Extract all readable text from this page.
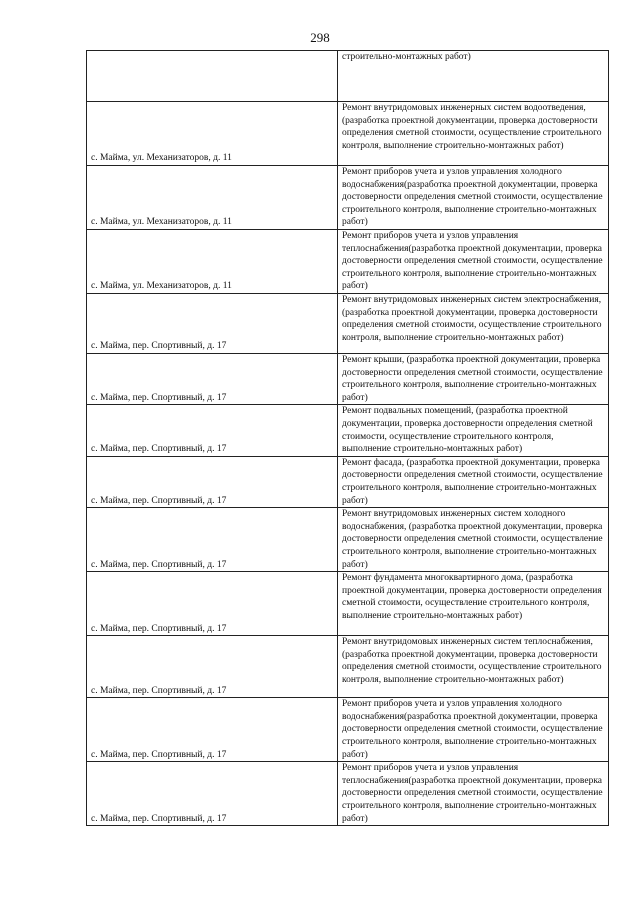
298
	строительно-монтажных работ)
с. Майма, ул. Механизаторов, д. 11	Ремонт внутридомовых инженерных систем водоотведения, (разработка проектной документации, проверка достоверности определения сметной стоимости, осуществление строительного контроля, выполнение строительно-монтажных работ)
с. Майма, ул. Механизаторов, д. 11	Ремонт приборов учета и узлов управления холодного водоснабжения(разработка проектной документации, проверка достоверности определения сметной стоимости, осуществление строительного контроля, выполнение строительно-монтажных работ)
с. Майма, ул. Механизаторов, д. 11	Ремонт приборов учета и узлов управления теплоснабжения(разработка проектной документации, проверка достоверности определения сметной стоимости, осуществление строительного контроля, выполнение строительно-монтажных работ)
с. Майма, пер. Спортивный, д. 17	Ремонт внутридомовых инженерных систем электроснабжения, (разработка проектной документации, проверка достоверности определения сметной стоимости, осуществление строительного контроля, выполнение строительно-монтажных работ)
с. Майма, пер. Спортивный, д. 17	Ремонт крыши, (разработка проектной документации, проверка достоверности определения сметной стоимости, осуществление строительного контроля, выполнение строительно-монтажных работ)
с. Майма, пер. Спортивный, д. 17	Ремонт подвальных помещений, (разработка проектной документации, проверка достоверности определения сметной стоимости, осуществление строительного контроля, выполнение строительно-монтажных работ)
с. Майма, пер. Спортивный, д. 17	Ремонт фасада, (разработка проектной документации, проверка достоверности определения сметной стоимости, осуществление строительного контроля, выполнение строительно-монтажных работ)
с. Майма, пер. Спортивный, д. 17	Ремонт внутридомовых инженерных систем холодного водоснабжения, (разработка проектной документации, проверка достоверности определения сметной стоимости, осуществление строительного контроля, выполнение строительно-монтажных работ)
с. Майма, пер. Спортивный, д. 17	Ремонт фундамента многоквартирного дома, (разработка проектной документации, проверка достоверности определения сметной стоимости, осуществление строительного контроля, выполнение строительно-монтажных работ)
с. Майма, пер. Спортивный, д. 17	Ремонт внутридомовых инженерных систем теплоснабжения, (разработка проектной документации, проверка достоверности определения сметной стоимости, осуществление строительного контроля, выполнение строительно-монтажных работ)
с. Майма, пер. Спортивный, д. 17	Ремонт приборов учета и узлов управления холодного водоснабжения(разработка проектной документации, проверка достоверности определения сметной стоимости, осуществление строительного контроля, выполнение строительно-монтажных работ)
с. Майма, пер. Спортивный, д. 17	Ремонт приборов учета и узлов управления теплоснабжения(разработка проектной документации, проверка достоверности определения сметной стоимости, осуществление строительного контроля, выполнение строительно-монтажных работ)
